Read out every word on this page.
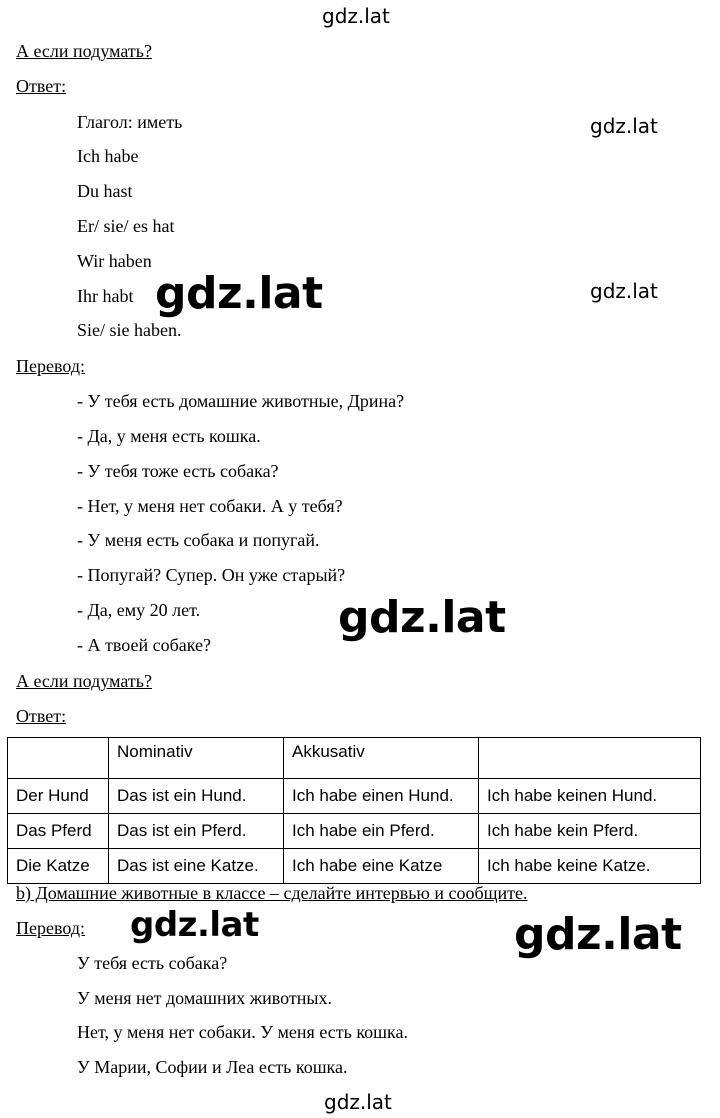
gdz.lat
gdz.lat
gdz.lat
gdz.lat
gdz.lat
gdz.lat	gdz.lat
gdz.lat
А если подумать?
Ответ:
Глагол: иметь
Ich habe
Du hast
Er/ sie/ es hat
Wir haben
Ihr habt
Sie/ sie haben.
Перевод:
- У тебя есть домашние животные, Дрина?
- Да, у меня есть кошка.
- У тебя тоже есть собака?
- Нет, у меня нет собаки. А у тебя?
- У меня есть собака и попугай.
- Попугай? Супер. Он уже старый?
- Да, ему 20 лет.
- А твоей собаке?
А если подумать?
Ответ:
	Nominativ	Akkusativ	
Der Hund	Das ist ein Hund.	Ich habe einen Hund.	Ich habe keinen Hund.
Das Pferd	Das ist ein Pferd.	Ich habe ein Pferd.	Ich habe kein Pferd.
Die Katze	Das ist eine Katze.	Ich habe eine Katze	Ich habe keine Katze.
b) Домашние животные в классе – сделайте интервью и сообщите.
Перевод:
У тебя есть собака?
У меня нет домашних животных.
Нет, у меня нет собаки. У меня есть кошка.
У Марии, Софии и Леа есть кошка.
